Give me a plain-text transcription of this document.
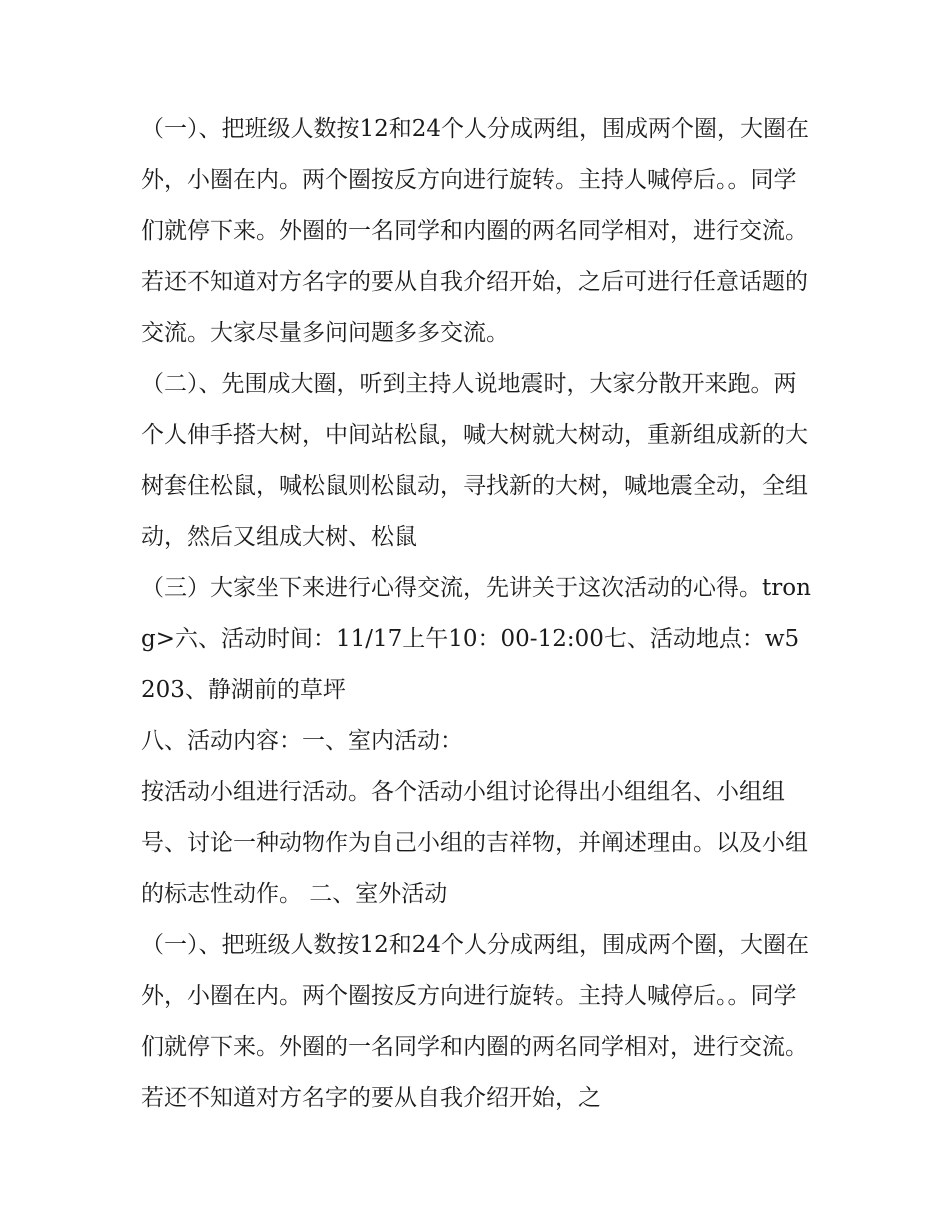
（一）、把班级人数按12和24个人分成两组，围成两个圈，大圈在外，小圈在内。两个圈按反方向进行旋转。主持人喊停后。。同学们就停下来。外圈的一名同学和内圈的两名同学相对，进行交流。若还不知道对方名字的要从自我介绍开始，之后可进行任意话题的交流。大家尽量多问问题多多交流。

（二）、先围成大圈，听到主持人说地震时，大家分散开来跑。两个人伸手搭大树，中间站松鼠，喊大树就大树动，重新组成新的大树套住松鼠，喊松鼠则松鼠动，寻找新的大树，喊地震全动，全组动，然后又组成大树、松鼠

（三）大家坐下来进行心得交流，先讲关于这次活动的心得。trong>六、活动时间：11/17上午10：00-12:00七、活动地点：w5203、静湖前的草坪

八、活动内容：一、室内活动：

按活动小组进行活动。各个活动小组讨论得出小组组名、小组组号、讨论一种动物作为自己小组的吉祥物，并阐述理由。以及小组的标志性动作。 二、室外活动

（一）、把班级人数按12和24个人分成两组，围成两个圈，大圈在外，小圈在内。两个圈按反方向进行旋转。主持人喊停后。。同学们就停下来。外圈的一名同学和内圈的两名同学相对，进行交流。若还不知道对方名字的要从自我介绍开始，之
